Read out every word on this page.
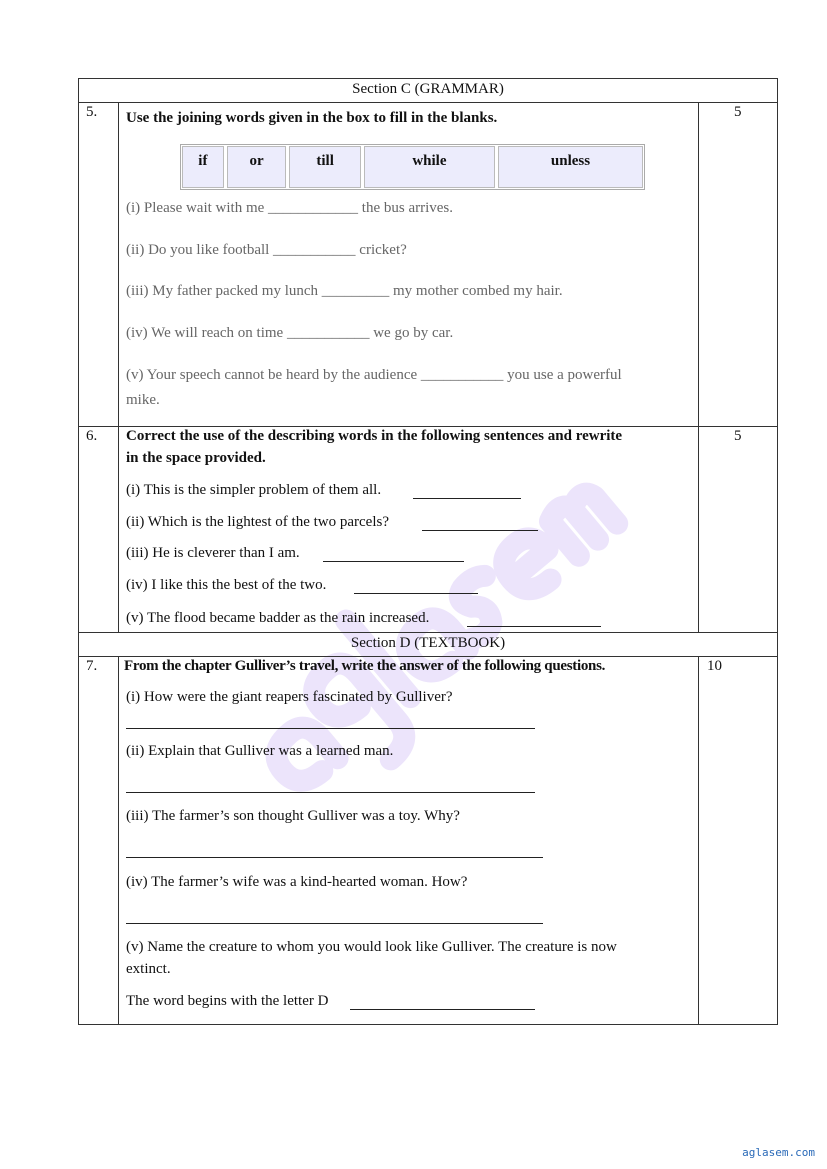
Section C (GRAMMAR)
5.	5
Use the joining words given in the box to fill in the blanks.
if	or	till	while	unless
(i) Please wait with me ____________ the bus arrives.
(ii) Do you like football ___________ cricket?
(iii) My father packed my lunch _________ my mother combed my hair.
(iv) We will reach on time ___________ we go by car.
(v) Your speech cannot be heard by the audience ___________ you use a powerful
mike.
6.	5
Correct the use of the describing words in the following sentences and rewrite
in the space provided.
(i) This is the simpler problem of them all.
(ii) Which is the lightest of the two parcels?
(iii) He is cleverer than I am.
(iv) I like this the best of the two.
(v) The flood became badder as the rain increased.
Section D (TEXTBOOK)
7.	10
From the chapter Gulliver’s travel, write the answer of the following questions.
(i) How were the giant reapers fascinated by Gulliver?
(ii) Explain that Gulliver was a learned man.
(iii) The farmer’s son thought Gulliver was a toy. Why?
(iv) The farmer’s wife was a kind-hearted woman. How?
(v) Name the creature to whom you would look like Gulliver. The creature is now
extinct.
The word begins with the letter D
aglasem.com
